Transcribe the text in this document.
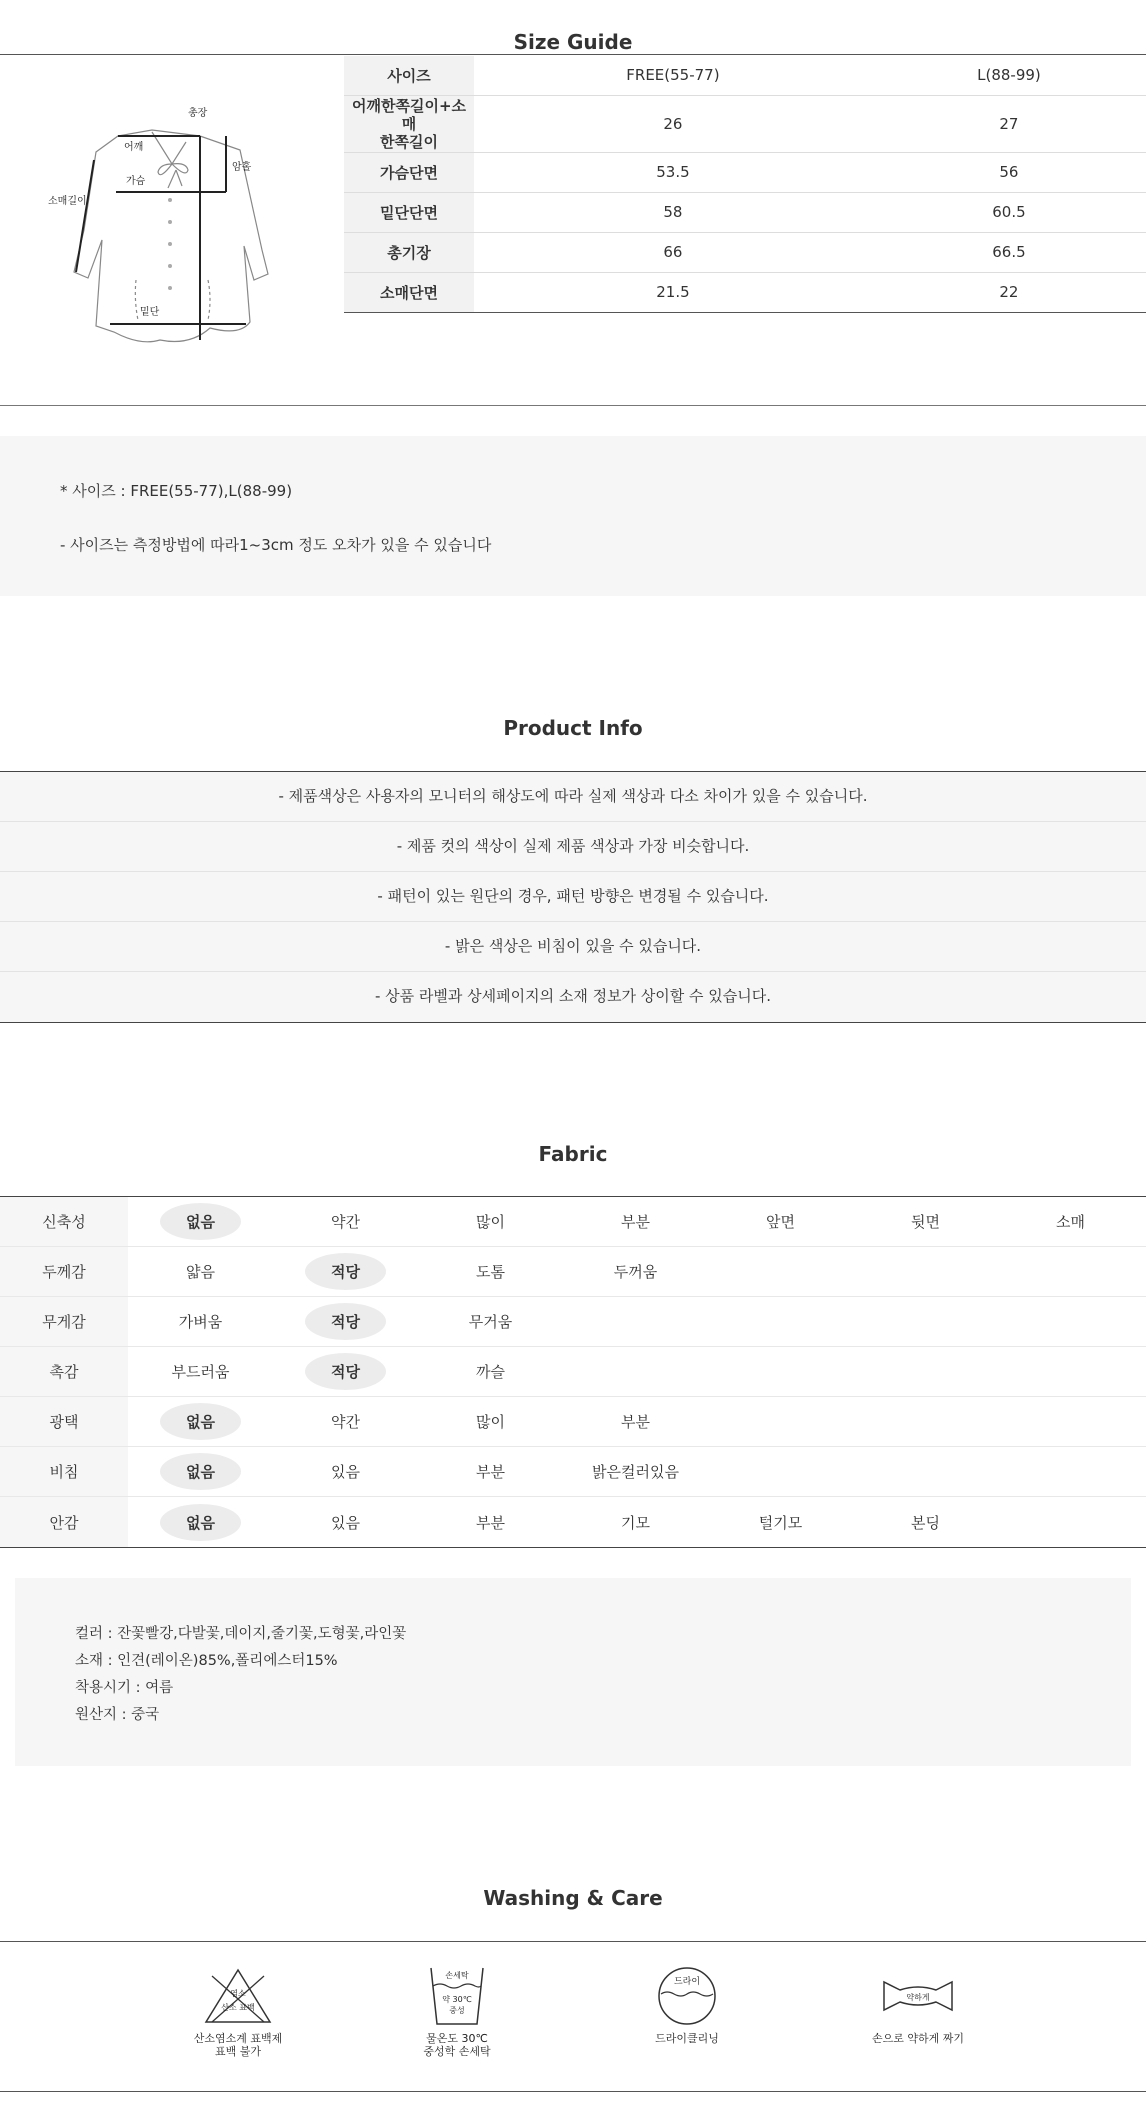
Size Guide
총장
어깨
가슴
암홀
소매길이
밑단
사이즈	FREE(55-77)	L(88-99)
어깨한쪽길이+소매
한쪽길이	26	27
가슴단면	53.5	56
밑단단면	58	60.5
총기장	66	66.5
소매단면	21.5	22
* 사이즈 : FREE(55-77),L(88-99)
- 사이즈는 측정방법에 따라1~3cm 정도 오차가 있을 수 있습니다
Product Info
- 제품색상은 사용자의 모니터의 해상도에 따라 실제 색상과 다소 차이가 있을 수 있습니다.
- 제품 컷의 색상이 실제 제품 색상과 가장 비슷합니다.
- 패턴이 있는 원단의 경우, 패턴 방향은 변경될 수 있습니다.
- 밝은 색상은 비침이 있을 수 있습니다.
- 상품 라벨과 상세페이지의 소재 정보가 상이할 수 있습니다.
Fabric
신축성	없음	약간	많이	부분	앞면	뒷면	소매
두께감	얇음	적당	도톰	두꺼움
무게감	가벼움	적당	무거움
촉감	부드러움	적당	까슬
광택	없음	약간	많이	부분
비침	없음	있음	부분	밝은컬러있음
안감	없음	있음	부분	기모	털기모	본딩
컬러 : 잔꽃빨강,다발꽃,데이지,줄기꽃,도형꽃,라인꽃
소재 : 인견(레이온)85%,폴리에스터15%
착용시기 : 여름
원산지 : 중국
Washing & Care
염소
산소 표백
산소염소계 표백제
표백 불가
손세탁
약 30℃
중성
물온도 30℃
중성학 손세탁
드라이
드라이클리닝
약하게
손으로 약하게 짜기
